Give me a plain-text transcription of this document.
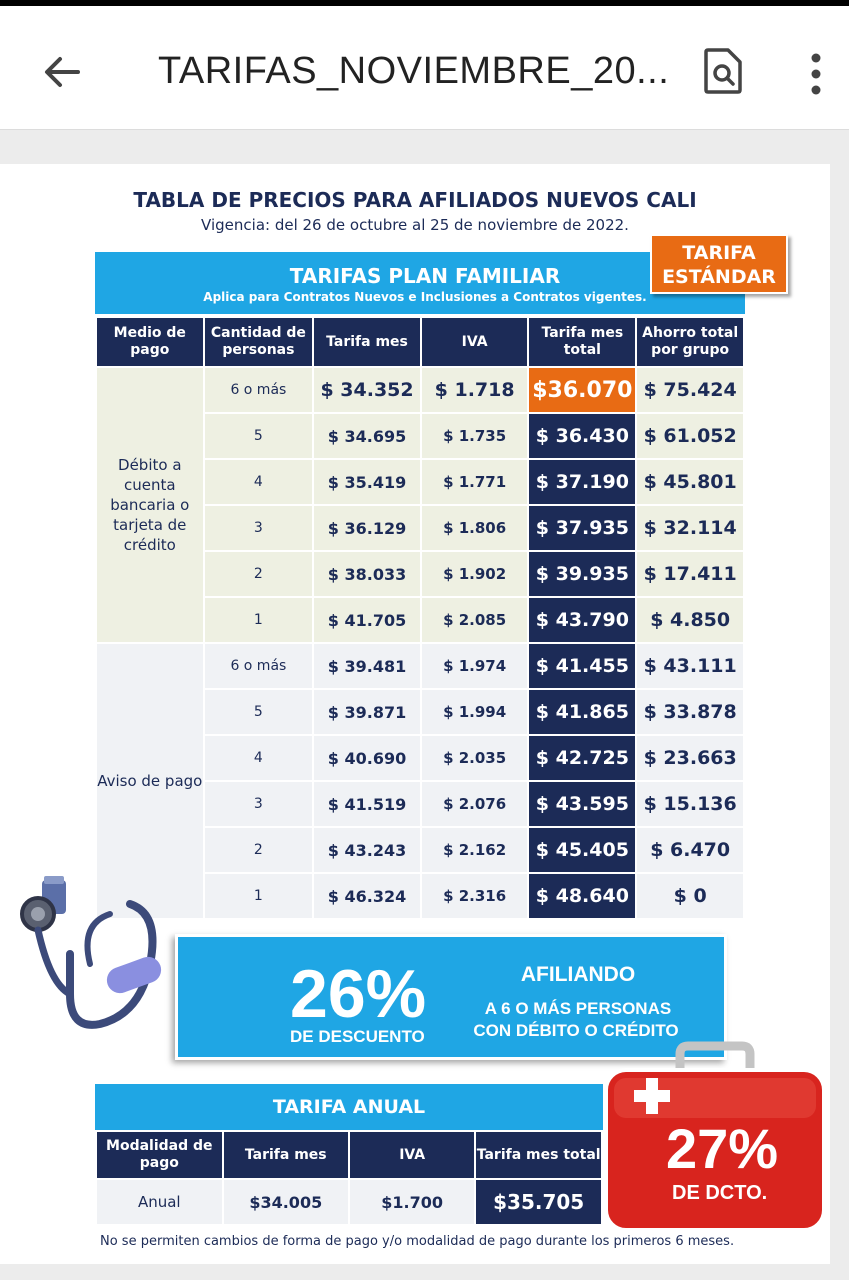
TARIFAS_NOVIEMBRE_20...
TABLA DE PRECIOS PARA AFILIADOS NUEVOS CALI
Vigencia: del 26 de octubre al 25 de noviembre de 2022.
TARIFAS PLAN FAMILIAR
Aplica para Contratos Nuevos e Inclusiones a Contratos vigentes.
TARIFA
ESTÁNDAR
Medio de pago	Cantidad de personas	Tarifa mes	IVA	Tarifa mes total	Ahorro total por grupo
Débito a cuenta bancaria o tarjeta de crédito	6 o más	$ 34.352	$ 1.718	$36.070	$ 75.424
	5	$ 34.695	$ 1.735	$ 36.430	$ 61.052
	4	$ 35.419	$ 1.771	$ 37.190	$ 45.801
	3	$ 36.129	$ 1.806	$ 37.935	$ 32.114
	2	$ 38.033	$ 1.902	$ 39.935	$ 17.411
	1	$ 41.705	$ 2.085	$ 43.790	$ 4.850
Aviso de pago	6 o más	$ 39.481	$ 1.974	$ 41.455	$ 43.111
	5	$ 39.871	$ 1.994	$ 41.865	$ 33.878
	4	$ 40.690	$ 2.035	$ 42.725	$ 23.663
	3	$ 41.519	$ 2.076	$ 43.595	$ 15.136
	2	$ 43.243	$ 2.162	$ 45.405	$ 6.470
	1	$ 46.324	$ 2.316	$ 48.640	$ 0
26%
DE DESCUENTO
AFILIANDO
A 6 O MÁS PERSONAS
CON DÉBITO O CRÉDITO
TARIFA ANUAL
Modalidad de pago	Tarifa mes	IVA	Tarifa mes total
Anual	$34.005	$1.700	$35.705
27%
DE DCTO.
No se permiten cambios de forma de pago y/o modalidad de pago durante los primeros 6 meses.
